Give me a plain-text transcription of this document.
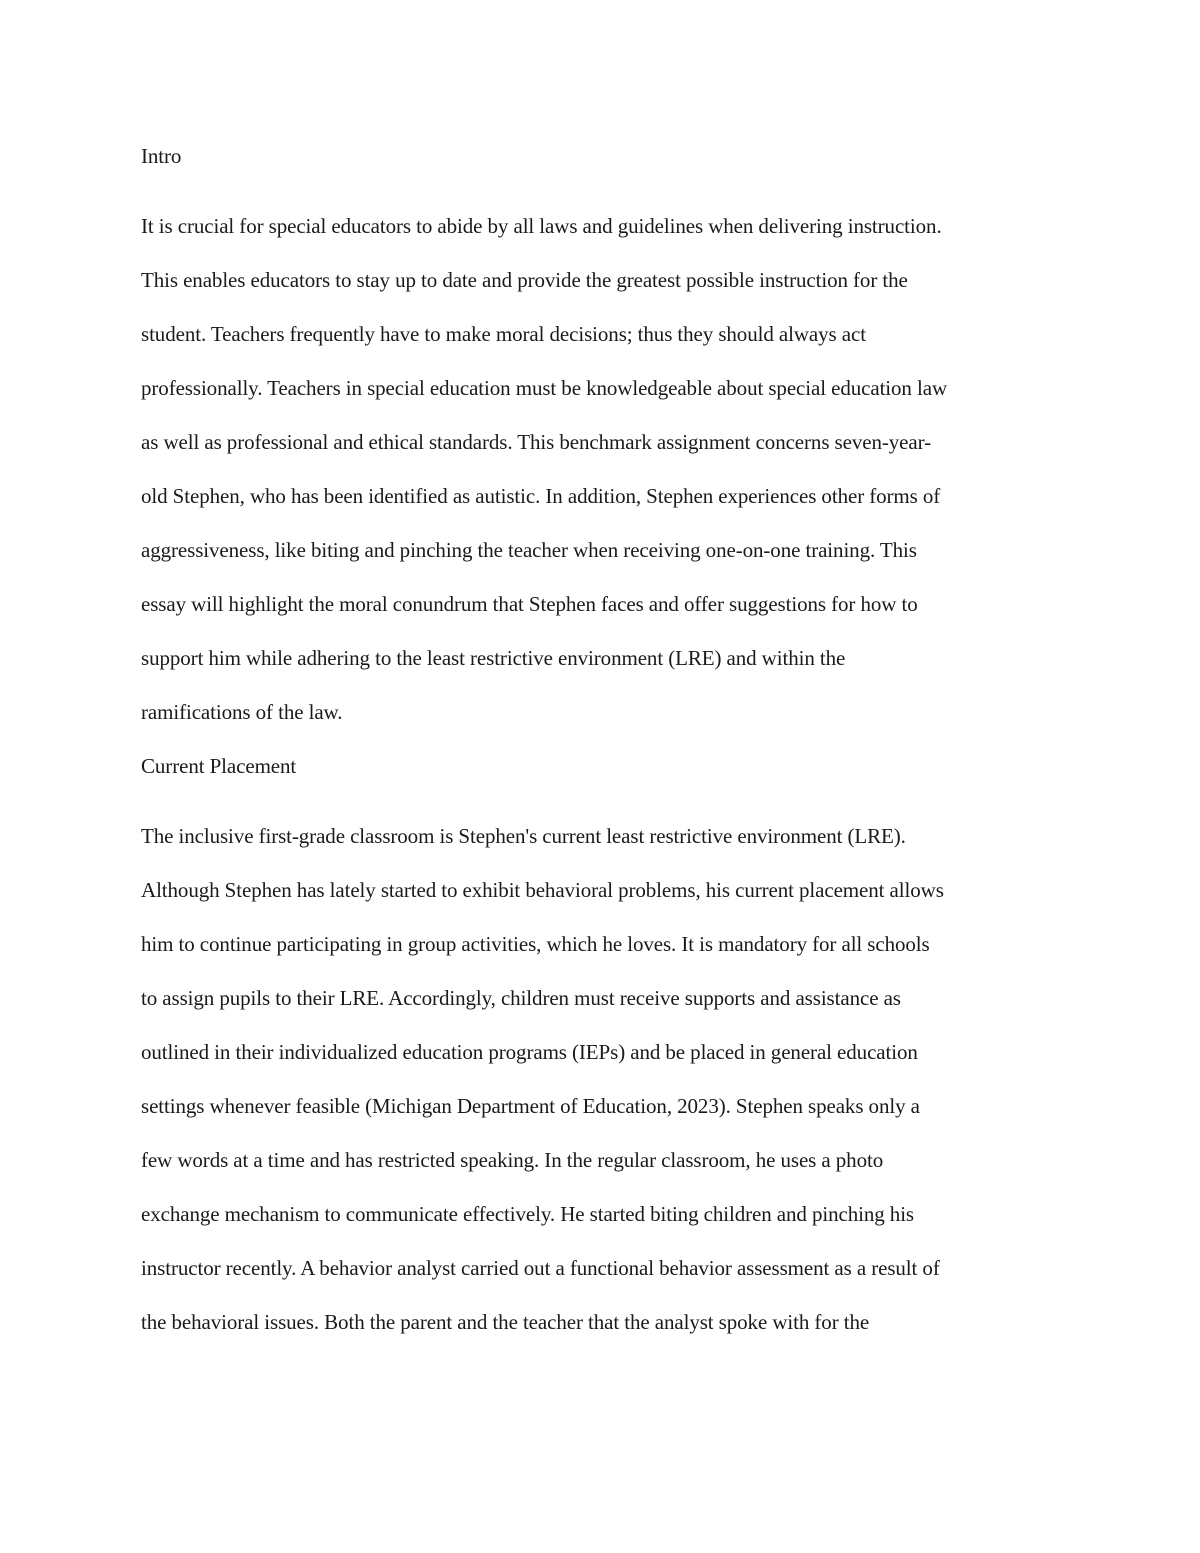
Intro
It is crucial for special educators to abide by all laws and guidelines when delivering instruction.
This enables educators to stay up to date and provide the greatest possible instruction for the
student. Teachers frequently have to make moral decisions; thus they should always act
professionally. Teachers in special education must be knowledgeable about special education law
as well as professional and ethical standards. This benchmark assignment concerns seven-year-
old Stephen, who has been identified as autistic. In addition, Stephen experiences other forms of
aggressiveness, like biting and pinching the teacher when receiving one-on-one training. This
essay will highlight the moral conundrum that Stephen faces and offer suggestions for how to
support him while adhering to the least restrictive environment (LRE) and within the
ramifications of the law.
Current Placement
The inclusive first-grade classroom is Stephen's current least restrictive environment (LRE).
Although Stephen has lately started to exhibit behavioral problems, his current placement allows
him to continue participating in group activities, which he loves. It is mandatory for all schools
to assign pupils to their LRE. Accordingly, children must receive supports and assistance as
outlined in their individualized education programs (IEPs) and be placed in general education
settings whenever feasible (Michigan Department of Education, 2023). Stephen speaks only a
few words at a time and has restricted speaking. In the regular classroom, he uses a photo
exchange mechanism to communicate effectively. He started biting children and pinching his
instructor recently. A behavior analyst carried out a functional behavior assessment as a result of
the behavioral issues. Both the parent and the teacher that the analyst spoke with for the
